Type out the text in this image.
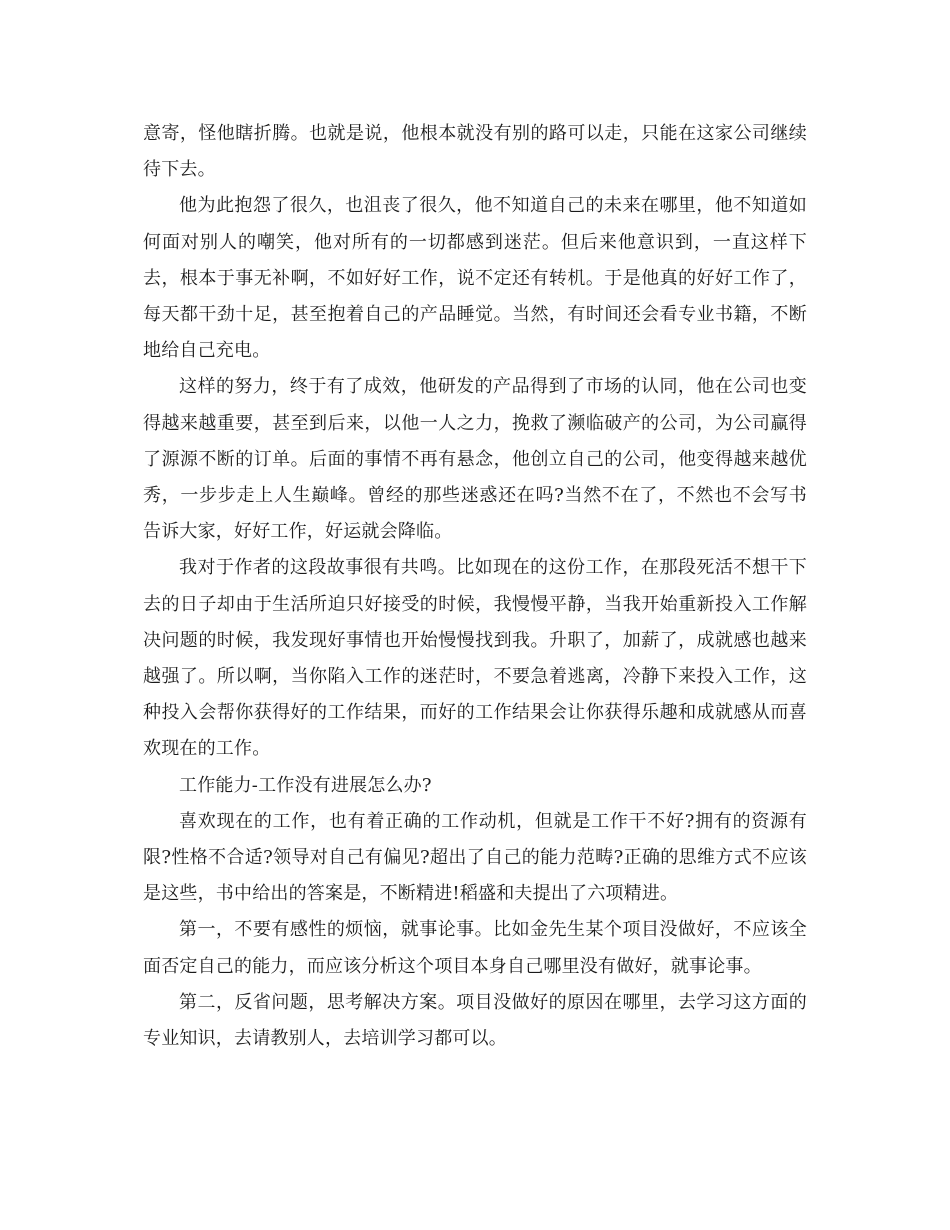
意寄，怪他瞎折腾。也就是说，他根本就没有别的路可以走，只能在这家公司继续待下去。

他为此抱怨了很久，也沮丧了很久，他不知道自己的未来在哪里，他不知道如何面对别人的嘲笑，他对所有的一切都感到迷茫。但后来他意识到，一直这样下去，根本于事无补啊，不如好好工作，说不定还有转机。于是他真的好好工作了，每天都干劲十足，甚至抱着自己的产品睡觉。当然，有时间还会看专业书籍，不断地给自己充电。

这样的努力，终于有了成效，他研发的产品得到了市场的认同，他在公司也变得越来越重要，甚至到后来，以他一人之力，挽救了濒临破产的公司，为公司赢得了源源不断的订单。后面的事情不再有悬念，他创立自己的公司，他变得越来越优秀，一步步走上人生巅峰。曾经的那些迷惑还在吗?当然不在了，不然也不会写书告诉大家，好好工作，好运就会降临。

我对于作者的这段故事很有共鸣。比如现在的这份工作，在那段死活不想干下去的日子却由于生活所迫只好接受的时候，我慢慢平静，当我开始重新投入工作解决问题的时候，我发现好事情也开始慢慢找到我。升职了，加薪了，成就感也越来越强了。所以啊，当你陷入工作的迷茫时，不要急着逃离，冷静下来投入工作，这种投入会帮你获得好的工作结果，而好的工作结果会让你获得乐趣和成就感从而喜欢现在的工作。

工作能力-工作没有进展怎么办?

喜欢现在的工作，也有着正确的工作动机，但就是工作干不好?拥有的资源有限?性格不合适?领导对自己有偏见?超出了自己的能力范畴?正确的思维方式不应该是这些，书中给出的答案是，不断精进!稻盛和夫提出了六项精进。

第一，不要有感性的烦恼，就事论事。比如金先生某个项目没做好，不应该全面否定自己的能力，而应该分析这个项目本身自己哪里没有做好，就事论事。

第二，反省问题，思考解决方案。项目没做好的原因在哪里，去学习这方面的专业知识，去请教别人，去培训学习都可以。
